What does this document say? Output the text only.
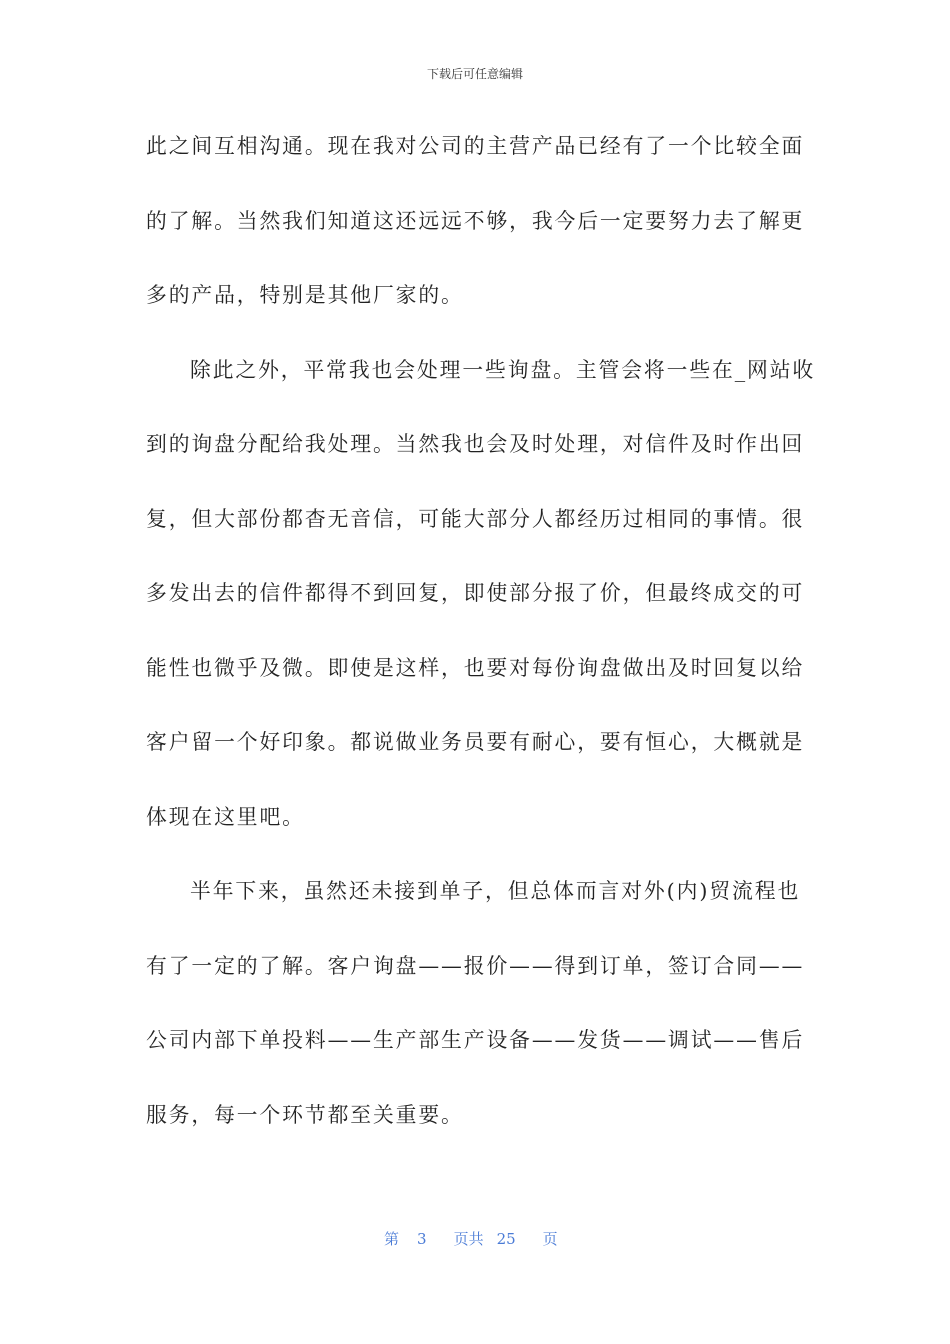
下载后可任意编辑
此之间互相沟通。现在我对公司的主营产品已经有了一个比较全面
的了解。当然我们知道这还远远不够，我今后一定要努力去了解更
多的产品，特别是其他厂家的。
除此之外，平常我也会处理一些询盘。主管会将一些在_网站收
到的询盘分配给我处理。当然我也会及时处理，对信件及时作出回
复，但大部份都杳无音信，可能大部分人都经历过相同的事情。很
多发出去的信件都得不到回复，即使部分报了价，但最终成交的可
能性也微乎及微。即使是这样，也要对每份询盘做出及时回复以给
客户留一个好印象。都说做业务员要有耐心，要有恒心，大概就是
体现在这里吧。
半年下来，虽然还未接到单子，但总体而言对外(内)贸流程也
有了一定的了解。客户询盘——报价——得到订单，签订合同——
公司内部下单投料——生产部生产设备——发货——调试——售后
服务，每一个环节都至关重要。
第 3 页共 25 页
